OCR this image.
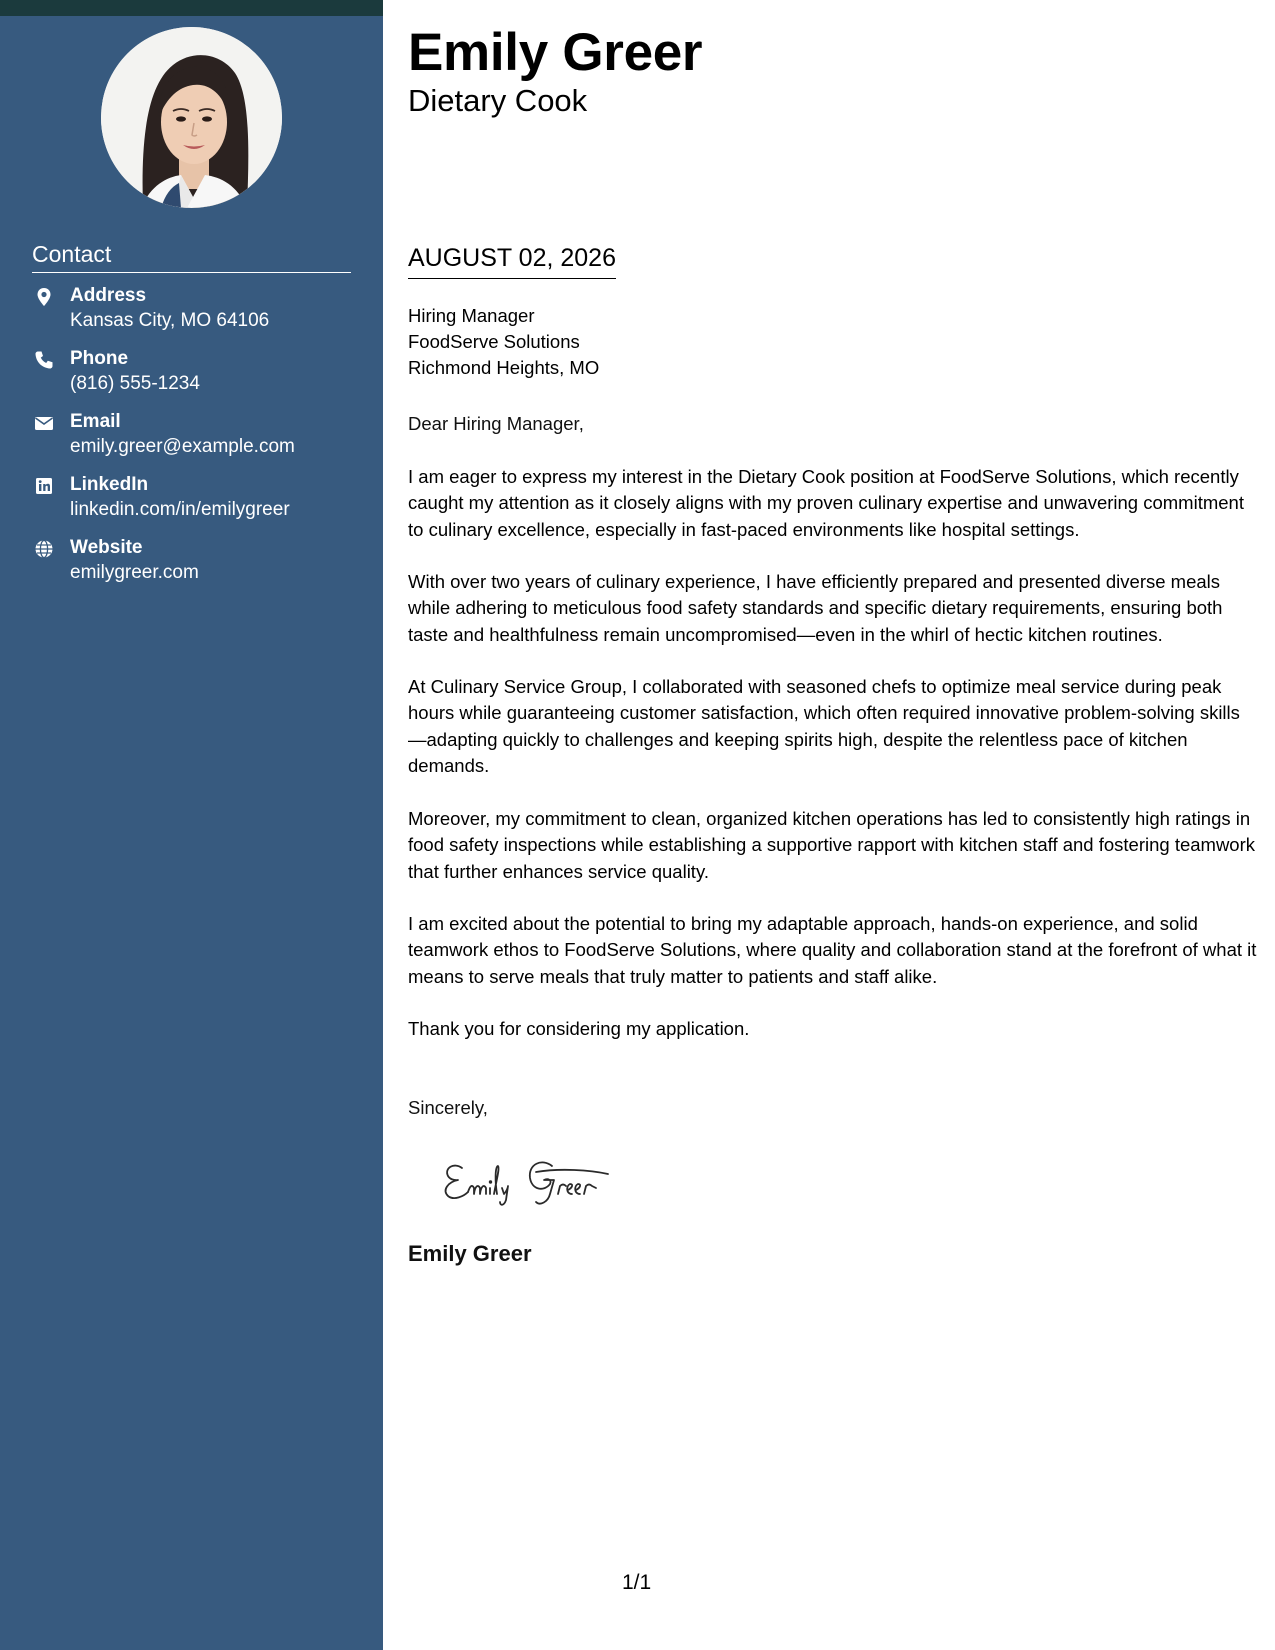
Contact
Address
Kansas City, MO 64106
Phone
(816) 555-1234
Email
emily.greer@example.com
LinkedIn
linkedin.com/in/emilygreer
Website
emilygreer.com
Emily Greer
Dietary Cook
AUGUST 02, 2026
Hiring Manager
FoodServe Solutions
Richmond Heights, MO
Dear Hiring Manager,
I am eager to express my interest in the Dietary Cook position at FoodServe Solutions, which recently caught my attention as it closely aligns with my proven culinary expertise and unwavering commitment to culinary excellence, especially in fast-paced environments like hospital settings.
With over two years of culinary experience, I have efficiently prepared and presented diverse meals while adhering to meticulous food safety standards and specific dietary requirements, ensuring both taste and healthfulness remain uncompromised—even in the whirl of hectic kitchen routines.
At Culinary Service Group, I collaborated with seasoned chefs to optimize meal service during peak hours while guaranteeing customer satisfaction, which often required innovative problem-solving skills—adapting quickly to challenges and keeping spirits high, despite the relentless pace of kitchen demands.
Moreover, my commitment to clean, organized kitchen operations has led to consistently high ratings in food safety inspections while establishing a supportive rapport with kitchen staff and fostering teamwork that further enhances service quality.
I am excited about the potential to bring my adaptable approach, hands-on experience, and solid teamwork ethos to FoodServe Solutions, where quality and collaboration stand at the forefront of what it means to serve meals that truly matter to patients and staff alike.
Thank you for considering my application.
Sincerely,
Emily Greer
1/1
